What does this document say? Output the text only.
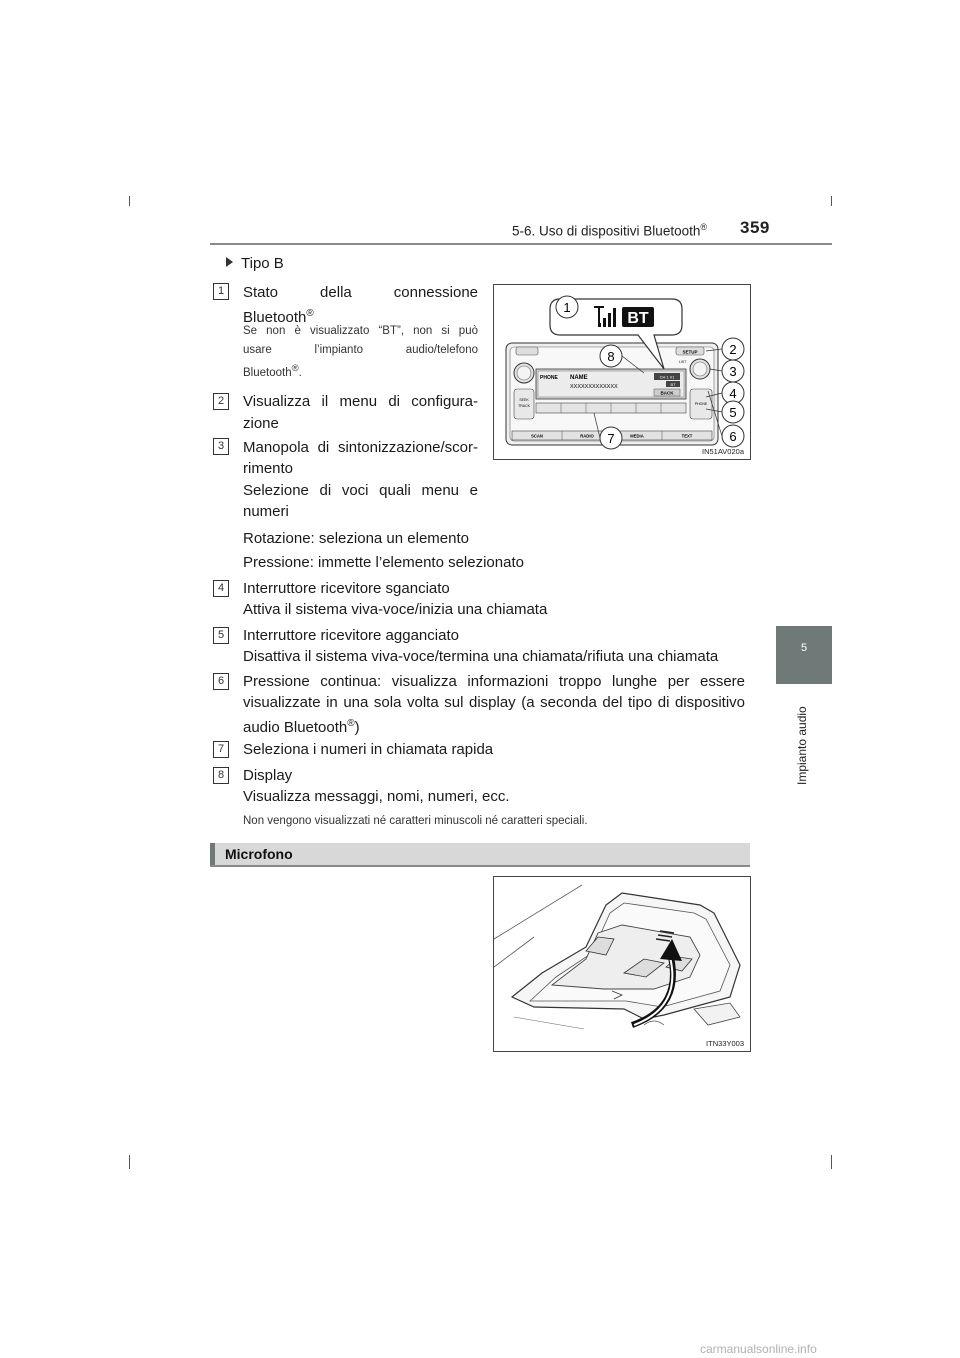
5-6. Uso di dispositivi Bluetooth® 359
5
Impianto audio
Tipo B
1	Stato della connessione
Bluetooth®
Se non è visualizzato “BT”, non si può
usare l’impianto audio/telefono
Bluetooth®.
2	Visualizza il menu di configura-
zione
3	Manopola di sintonizzazione/scor-
rimento
Selezione di voci quali menu e
numeri
Rotazione: seleziona un elemento
Pressione: immette l’elemento selezionato
4	Interruttore ricevitore sganciato
Attiva il sistema viva-voce/inizia una chiamata
5	Interruttore ricevitore agganciato
Disattiva il sistema viva-voce/termina una chiamata/rifiuta una chiamata
6	Pressione continua: visualizza informazioni troppo lunghe per essere
visualizzate in una sola volta sul display (a seconda del tipo di dispositivo
audio Bluetooth®)
7	Seleziona i numeri in chiamata rapida
8	Display
Visualizza messaggi, nomi, numeri, ecc.
Non vengono visualizzati né caratteri minuscoli né caratteri speciali.
SETUP
LIST
SEEK
TRACK
PHONE NAME
XXXXXXXXXXXXX
CH 1 01
BT
BACK
PHONE
SCAN	RADIO	MEDIA	TEXT
BT
1
2
3
4
5
6
7
8
IN51AV020a
Microfono
ITN33Y003
carmanualsonline.info
